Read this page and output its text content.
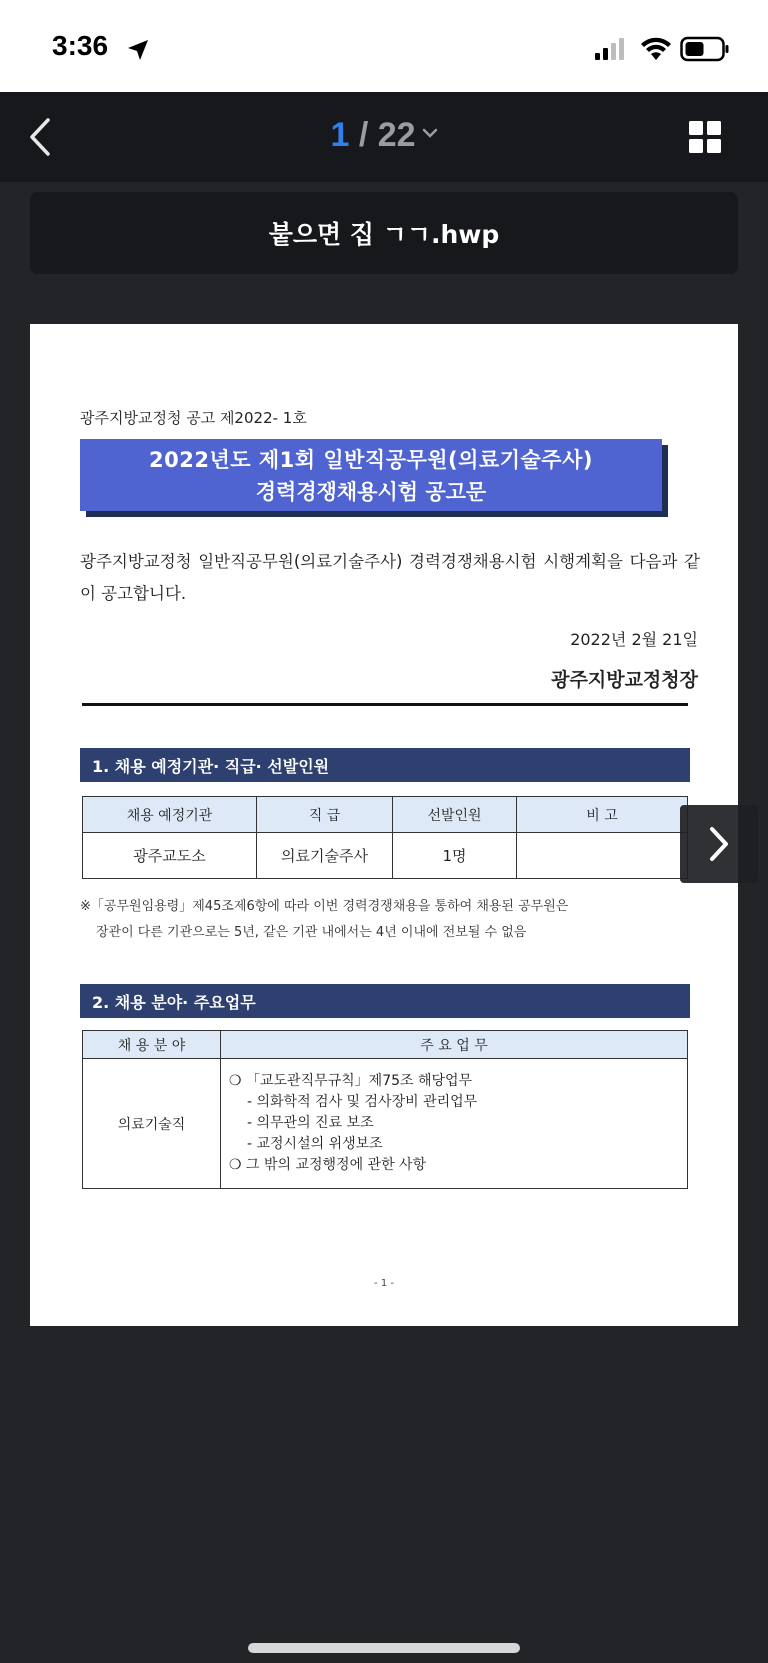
3:36
1 / 22
붙으면 집 ㄱㄱ.hwp
광주지방교정청 공고 제2022- 1호
2022년도 제1회 일반직공무원(의료기술주사)
경력경쟁채용시험 공고문
광주지방교정청 일반직공무원(의료기술주사) 경력경쟁채용시험 시행계획을 다음과 같이 공고합니다.
2022년 2월 21일
광주지방교정청장
1. 채용 예정기관· 직급· 선발인원
채용 예정기관	직 급	선발인원	비 고
광주교도소	의료기술주사	1명	
※「공무원임용령」제45조제6항에 따라 이번 경력경쟁채용을 통하여 채용된 공무원은
장관이 다른 기관으로는 5년, 같은 기관 내에서는 4년 이내에 전보될 수 없음
2. 채용 분야· 주요업무
채 용 분 야	주 요 업 무
의료기술직	❍ 「교도관직무규칙」제75조 해당업무
- 의화학적 검사 및 검사장비 관리업무
- 의무관의 진료 보조
- 교정시설의 위생보조
❍ 그 밖의 교정행정에 관한 사항
- 1 -
